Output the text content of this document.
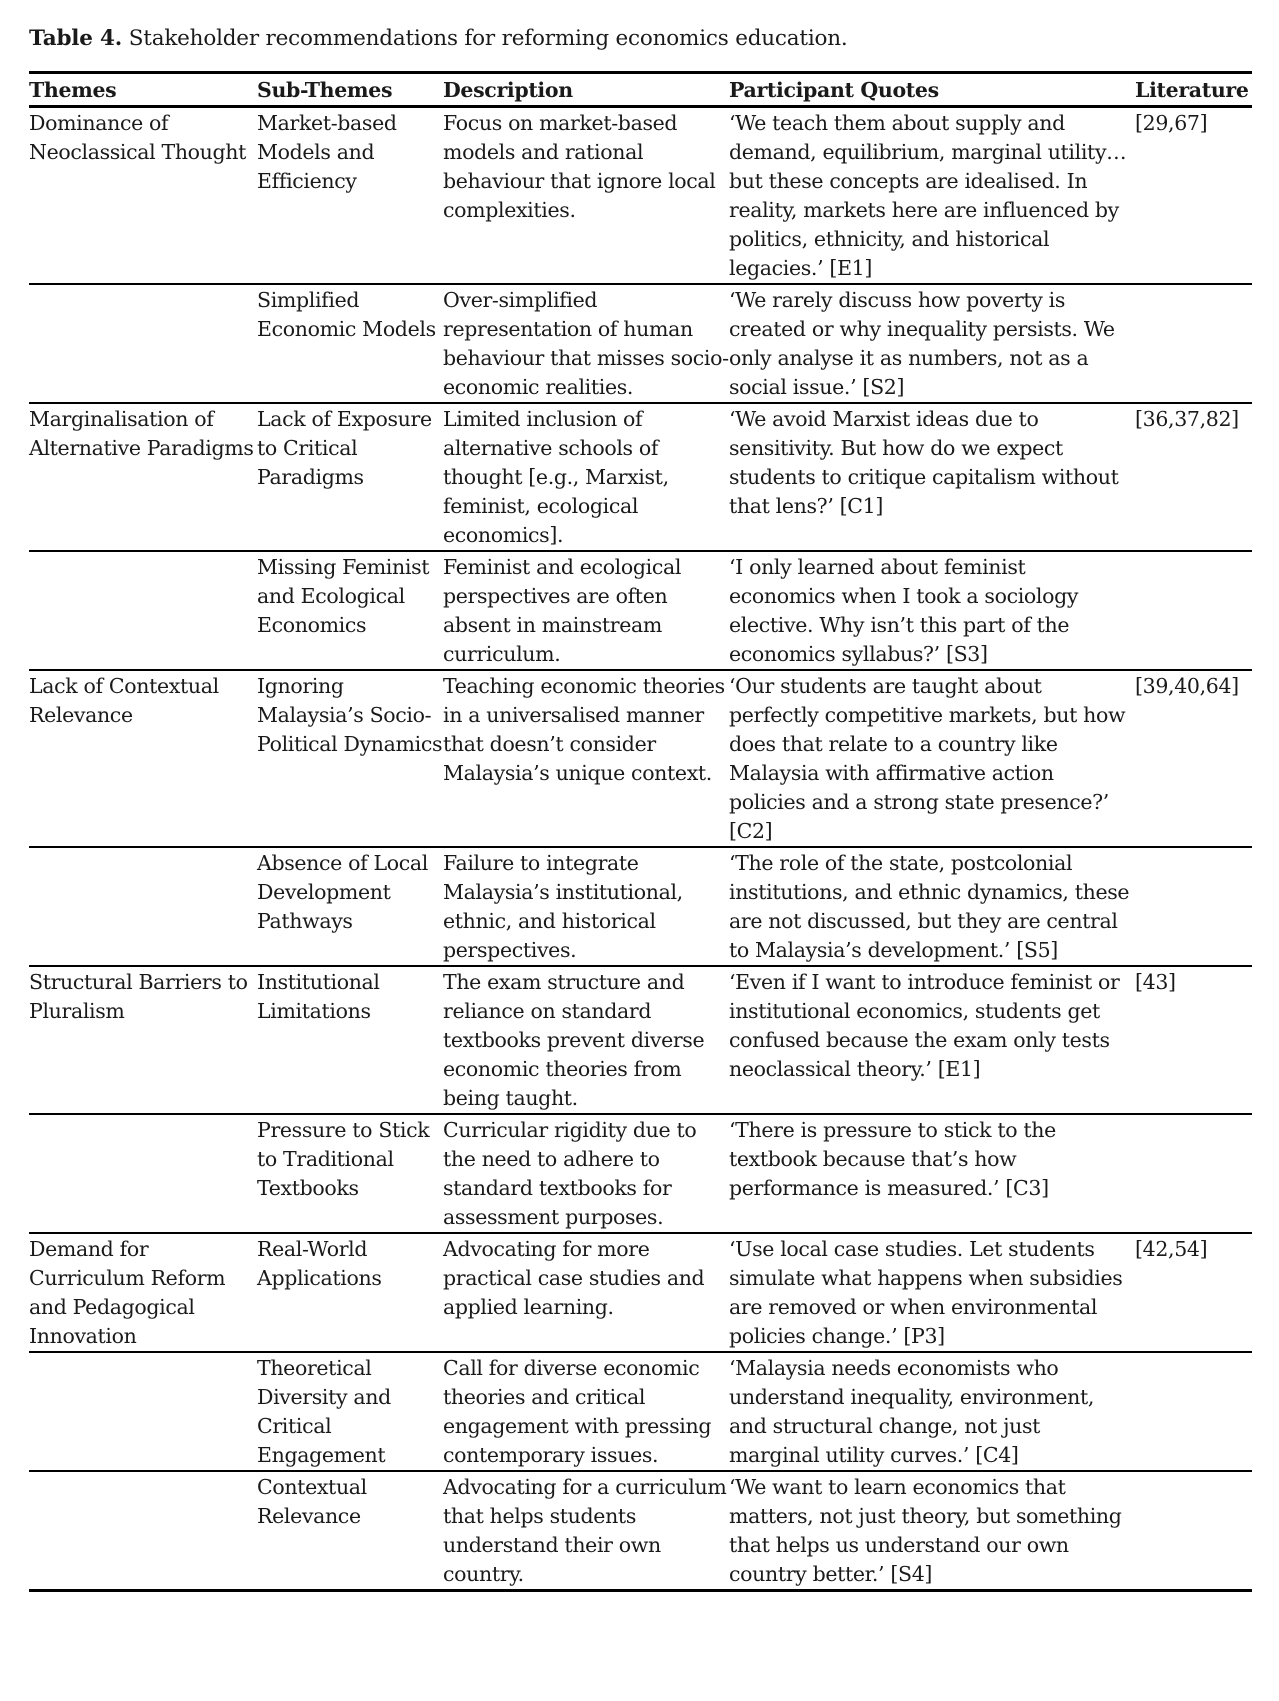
Table 4. Stakeholder recommendations for reforming economics education.
Themes	Sub-Themes	Description	Participant Quotes	Literature
Dominance of Neoclassical Thought	Market-based Models and Efficiency	Focus on market-based models and rational behaviour that ignore local complexities.	‘We teach them about supply and demand, equilibrium, marginal utility… but these concepts are idealised. In reality, markets here are influenced by politics, ethnicity, and historical legacies.’ [E1]	[29,67]
	Simplified Economic Models	Over-simplified representation of human behaviour that misses socio-economic realities.	‘We rarely discuss how poverty is created or why inequality persists. We only analyse it as numbers, not as a social issue.’ [S2]	
Marginalisation of Alternative Paradigms	Lack of Exposure to Critical Paradigms	Limited inclusion of alternative schools of thought [e.g., Marxist, feminist, ecological economics].	‘We avoid Marxist ideas due to sensitivity. But how do we expect students to critique capitalism without that lens?’ [C1]	[36,37,82]
	Missing Feminist and Ecological Economics	Feminist and ecological perspectives are often absent in mainstream curriculum.	‘I only learned about feminist economics when I took a sociology elective. Why isn’t this part of the economics syllabus?’ [S3]	
Lack of Contextual Relevance	Ignoring Malaysia’s Socio-Political Dynamics	Teaching economic theories in a universalised manner that doesn’t consider Malaysia’s unique context.	‘Our students are taught about perfectly competitive markets, but how does that relate to a country like Malaysia with affirmative action policies and a strong state presence?’ [C2]	[39,40,64]
	Absence of Local Development Pathways	Failure to integrate Malaysia’s institutional, ethnic, and historical perspectives.	‘The role of the state, postcolonial institutions, and ethnic dynamics, these are not discussed, but they are central to Malaysia’s development.’ [S5]	
Structural Barriers to Pluralism	Institutional Limitations	The exam structure and reliance on standard textbooks prevent diverse economic theories from being taught.	‘Even if I want to introduce feminist or institutional economics, students get confused because the exam only tests neoclassical theory.’ [E1]	[43]
	Pressure to Stick to Traditional Textbooks	Curricular rigidity due to the need to adhere to standard textbooks for assessment purposes.	‘There is pressure to stick to the textbook because that’s how performance is measured.’ [C3]	
Demand for Curriculum Reform and Pedagogical Innovation	Real-World Applications	Advocating for more practical case studies and applied learning.	‘Use local case studies. Let students simulate what happens when subsidies are removed or when environmental policies change.’ [P3]	[42,54]
	Theoretical Diversity and Critical Engagement	Call for diverse economic theories and critical engagement with pressing contemporary issues.	‘Malaysia needs economists who understand inequality, environment, and structural change, not just marginal utility curves.’ [C4]	
	Contextual Relevance	Advocating for a curriculum that helps students understand their own country.	‘We want to learn economics that matters, not just theory, but something that helps us understand our own country better.’ [S4]	
